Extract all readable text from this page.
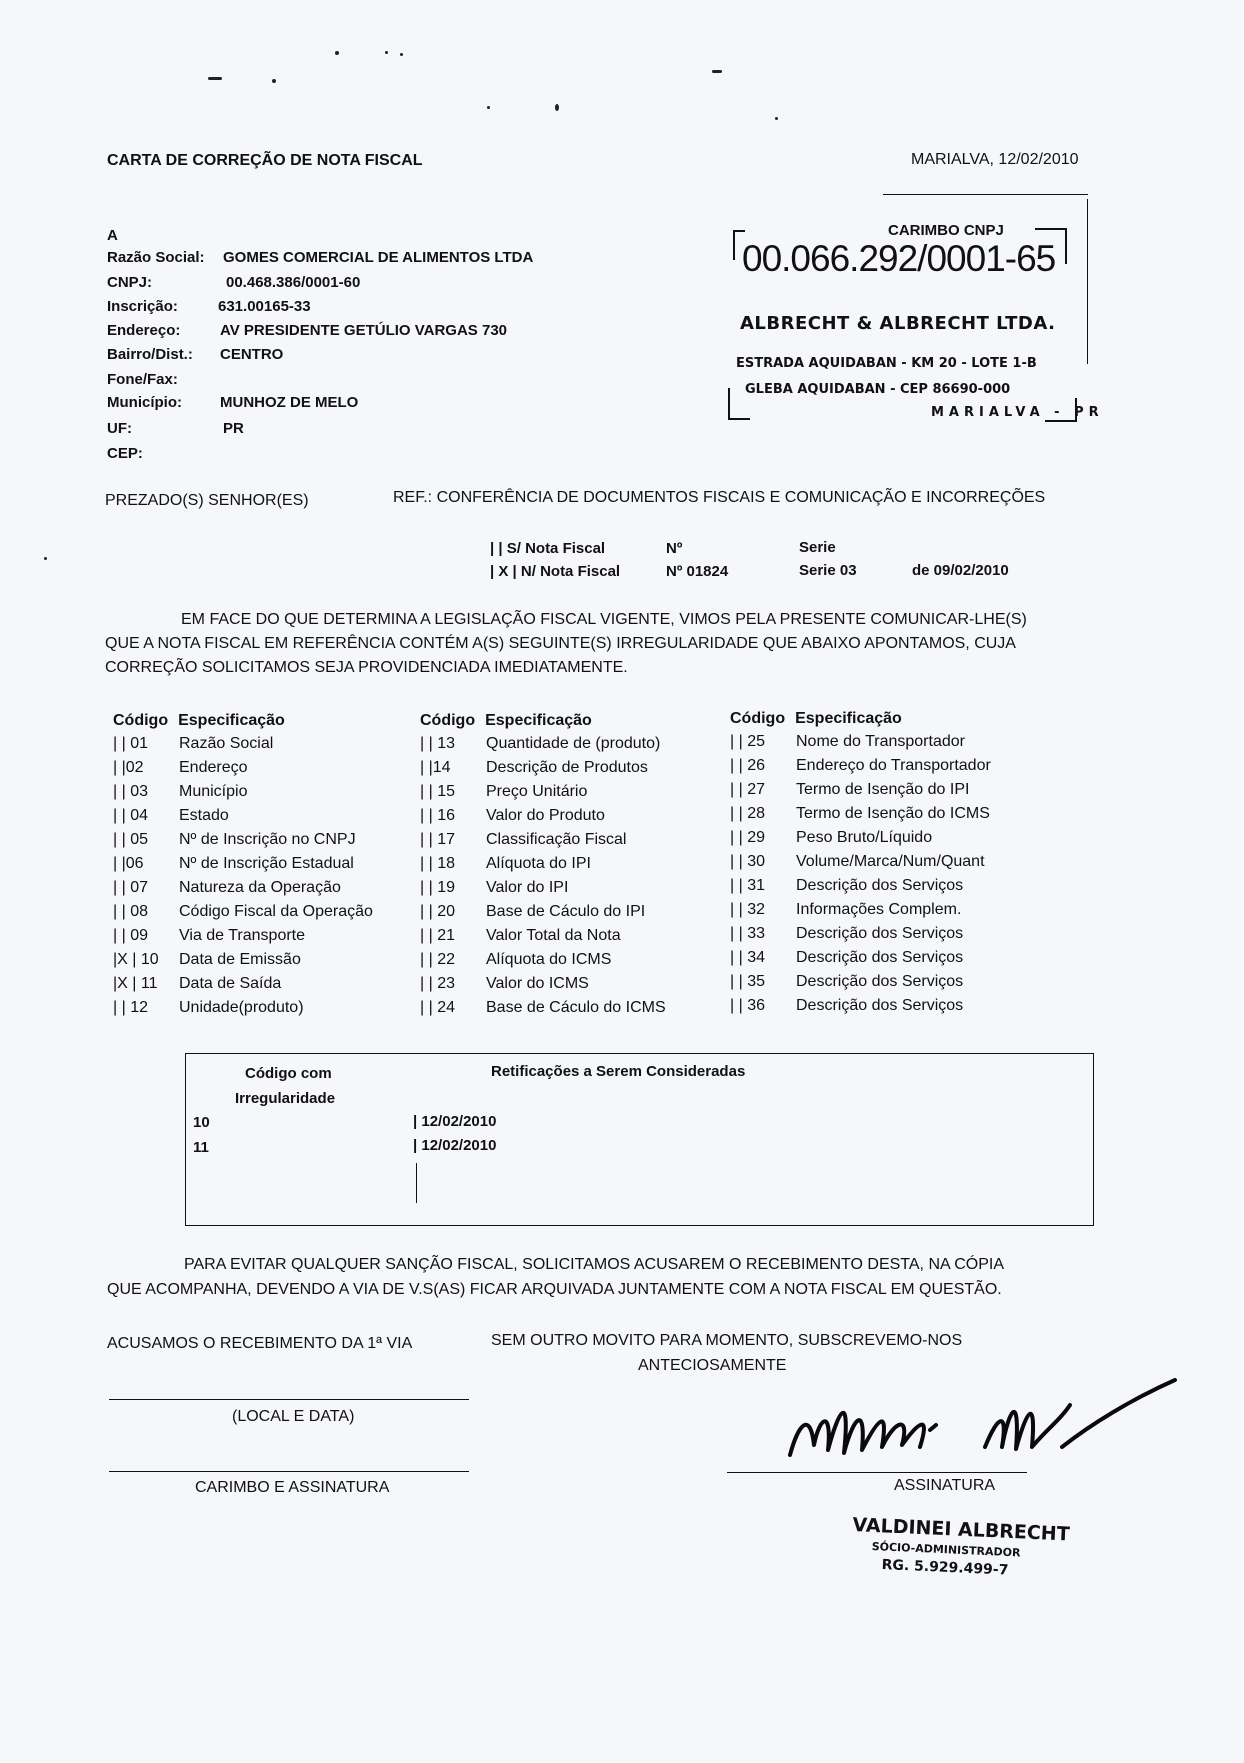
CARTA DE CORREÇÃO DE NOTA FISCAL	MARIALVA, 12/02/2010
A
Razão Social: GOMES COMERCIAL DE ALIMENTOS LTDA
CNPJ:	00.468.386/0001-60
Inscrição:	631.00165-33
Endereço:	AV PRESIDENTE GETÚLIO VARGAS 730
Bairro/Dist.: CENTRO
Fone/Fax:
Município:	MUNHOZ DE MELO
UF:	PR
CEP:
CARIMBO CNPJ
00.066.292/0001-65
ALBRECHT & ALBRECHT LTDA.
ESTRADA AQUIDABAN - KM 20 - LOTE 1-B
GLEBA AQUIDABAN - CEP 86690-000
MARIALVA - PR
PREZADO(S) SENHOR(ES)	REF.: CONFERÊNCIA DE DOCUMENTOS FISCAIS E COMUNICAÇÃO E INCORREÇÕES
| | S/ Nota Fiscal	Nº	Serie
| X | N/ Nota Fiscal	Nº 01824	Serie 03	de 09/02/2010
EM FACE DO QUE DETERMINA A LEGISLAÇÃO FISCAL VIGENTE, VIMOS PELA PRESENTE COMUNICAR-LHE(S)
QUE A NOTA FISCAL EM REFERÊNCIA CONTÉM A(S) SEGUINTE(S) IRREGULARIDADE QUE ABAIXO APONTAMOS, CUJA
CORREÇÃO SOLICITAMOS SEJA PROVIDENCIADA IMEDIATAMENTE.
Código Especificação
| | 01	Razão Social
| |02	Endereço
| | 03	Município
| | 04	Estado
| | 05	Nº de Inscrição no CNPJ
| |06	Nº de Inscrição Estadual
| | 07	Natureza da Operação
| | 08	Código Fiscal da Operação
| | 09	Via de Transporte
|X | 10	Data de Emissão
|X | 11	Data de Saída
| | 12	Unidade(produto)
Código Especificação
| | 13	Quantidade de (produto)
| |14	Descrição de Produtos
| | 15	Preço Unitário
| | 16	Valor do Produto
| | 17	Classificação Fiscal
| | 18	Alíquota do IPI
| | 19	Valor do IPI
| | 20	Base de Cáculo do IPI
| | 21	Valor Total da Nota
| | 22	Alíquota do ICMS
| | 23	Valor do ICMS
| | 24	Base de Cáculo do ICMS
Código Especificação
| | 25	Nome do Transportador
| | 26	Endereço do Transportador
| | 27	Termo de Isenção do IPI
| | 28	Termo de Isenção do ICMS
| | 29	Peso Bruto/Líquido
| | 30	Volume/Marca/Num/Quant
| | 31	Descrição dos Serviços
| | 32	Informações Complem.
| | 33	Descrição dos Serviços
| | 34	Descrição dos Serviços
| | 35	Descrição dos Serviços
| | 36	Descrição dos Serviços
Código com
Irregularidade
Retificações a Serem Consideradas
10	| 12/02/2010
11	| 12/02/2010
PARA EVITAR QUALQUER SANÇÃO FISCAL, SOLICITAMOS ACUSAREM O RECEBIMENTO DESTA, NA CÓPIA
QUE ACOMPANHA, DEVENDO A VIA DE V.S(AS) FICAR ARQUIVADA JUNTAMENTE COM A NOTA FISCAL EM QUESTÃO.
ACUSAMOS O RECEBIMENTO DA 1ª VIA	SEM OUTRO MOVITO PARA MOMENTO, SUBSCREVEMO-NOS
ANTECIOSAMENTE
(LOCAL E DATA)
CARIMBO E ASSINATURA	ASSINATURA
VALDINEI ALBRECHT
SÓCIO-ADMINISTRADOR
RG. 5.929.499-7
